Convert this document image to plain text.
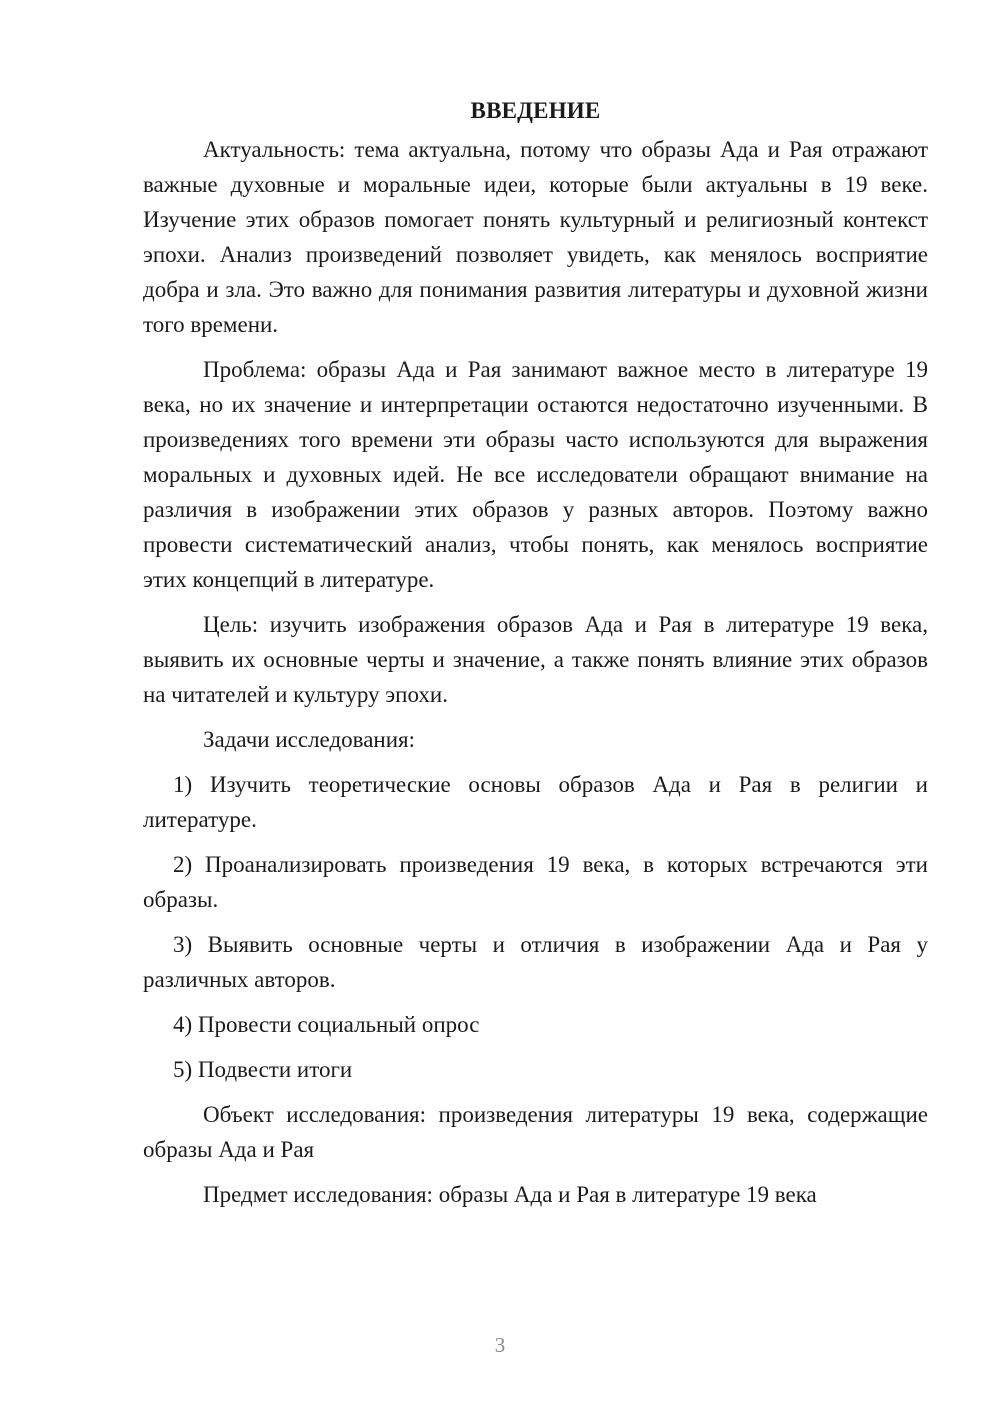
ВВЕДЕНИЕ

Актуальность: тема актуальна, потому что образы Ада и Рая отражают важные духовные и моральные идеи, которые были актуальны в 19 веке. Изучение этих образов помогает понять культурный и религиозный контекст эпохи. Анализ произведений позволяет увидеть, как менялось восприятие добра и зла. Это важно для понимания развития литературы и духовной жизни того времени.

Проблема: образы Ада и Рая занимают важное место в литературе 19 века, но их значение и интерпретации остаются недостаточно изученными. В произведениях того времени эти образы часто используются для выражения моральных и духовных идей. Не все исследователи обращают внимание на различия в изображении этих образов у разных авторов. Поэтому важно провести систематический анализ, чтобы понять, как менялось восприятие этих концепций в литературе.

Цель: изучить изображения образов Ада и Рая в литературе 19 века, выявить их основные черты и значение, а также понять влияние этих образов на читателей и культуру эпохи.

Задачи исследования:

1) Изучить теоретические основы образов Ада и Рая в религии и литературе.

2) Проанализировать произведения 19 века, в которых встречаются эти образы.

3) Выявить основные черты и отличия в изображении Ада и Рая у различных авторов.

4) Провести социальный опрос

5) Подвести итоги

Объект исследования: произведения литературы 19 века, содержащие образы Ада и Рая

Предмет исследования: образы Ада и Рая в литературе 19 века

3
